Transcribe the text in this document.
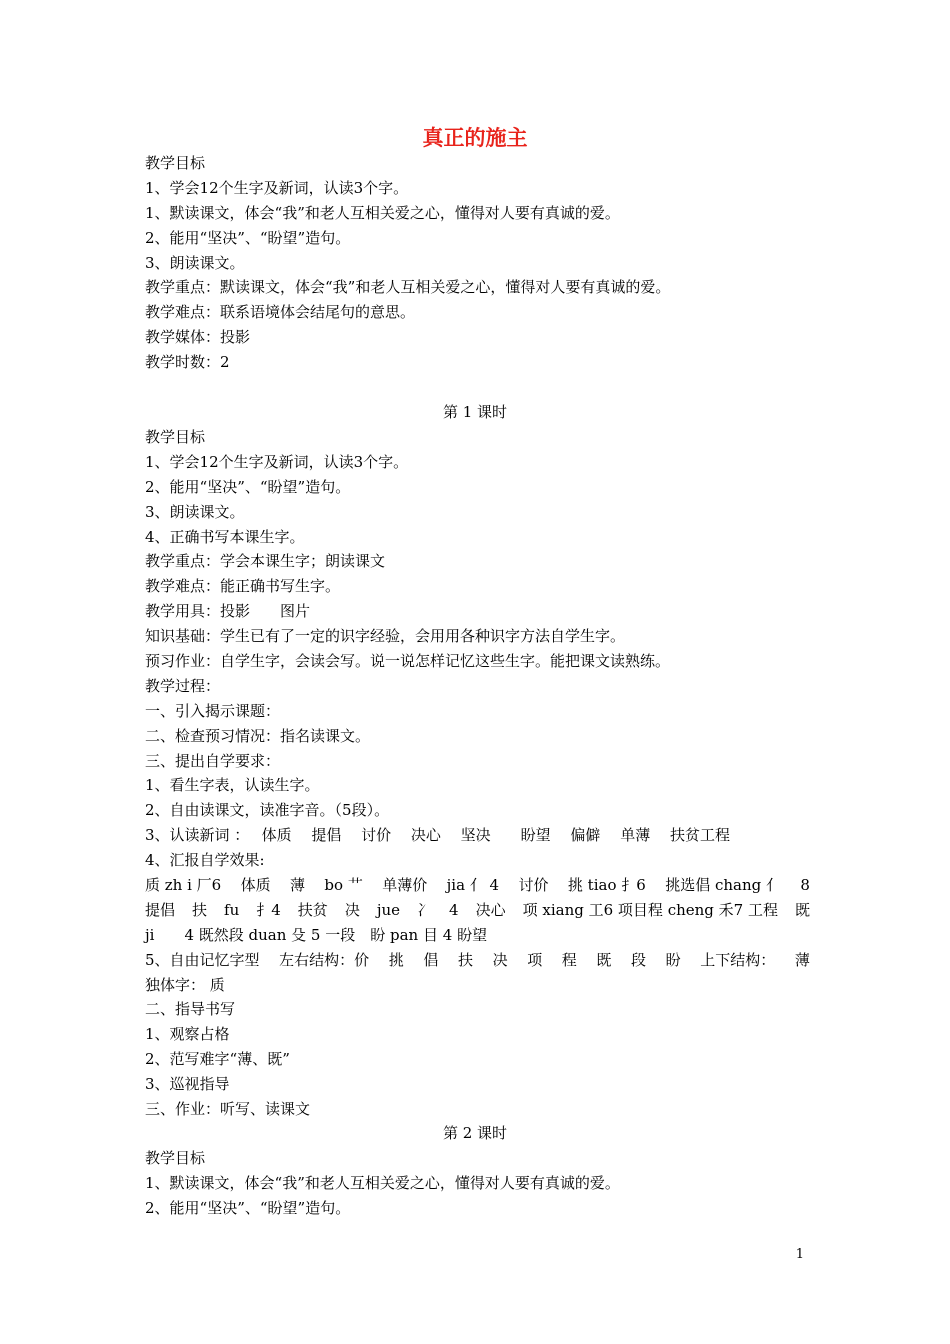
真正的施主
教学目标
1、学会12个生字及新词，认读3个字。
1、默读课文，体会“我”和老人互相关爱之心，懂得对人要有真诚的爱。
2、能用“坚决”、“盼望”造句。
3、朗读课文。
教学重点：默读课文，体会“我”和老人互相关爱之心，懂得对人要有真诚的爱。
教学难点：联系语境体会结尾句的意思。
教学媒体：投影
教学时数：2
第 1 课时
教学目标
1、学会12个生字及新词，认读3个字。
2、能用“坚决”、“盼望”造句。
3、朗读课文。
4、正确书写本课生字。
教学重点：学会本课生字；朗读课文
教学难点：能正确书写生字。
教学用具：投影　　图片
知识基础：学生已有了一定的识字经验，会用用各种识字方法自学生字。
预习作业：自学生字，会读会写。说一说怎样记忆这些生字。能把课文读熟练。
教学过程：
一、引入揭示课题：
二、检查预习情况：指名读课文。
三、提出自学要求：
1、看生字表，认读生字。
2、自由读课文，读准字音。（5段）。
3、认读新词 ：　 体质　 提倡　 讨价　 决心　 坚决　　盼望　 偏僻　 单薄　 扶贫工程
4、汇报自学效果:
质 zh i 厂6 体质 薄 bo 艹 单薄价 jia 亻 4 讨价 挑 tiao 扌6 挑选倡 chang 亻 8
提倡 扶 fu 扌4 扶贫 决 jue 冫 4 决心 项 xiang 工6 项目程 cheng 禾7 工程 既
ji　　4 既然段 duan 殳 5 一段　盼 pan 目 4 盼望
5、自由记忆字型 左右结构：价 挑 倡 扶 决 项 程 既 段 盼 上下结构： 薄
独体字： 质
二、指导书写
1、观察占格
2、范写难字“薄、既”
3、巡视指导
三、作业：听写、读课文
第 2 课时
教学目标
1、默读课文，体会“我”和老人互相关爱之心，懂得对人要有真诚的爱。
2、能用“坚决”、“盼望”造句。
1
